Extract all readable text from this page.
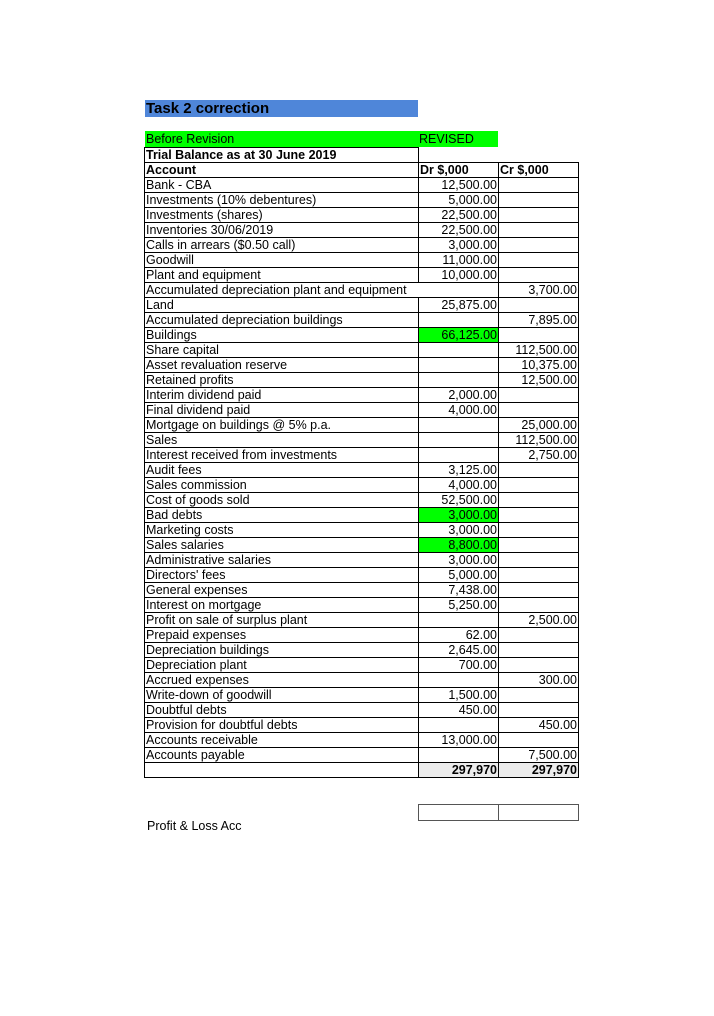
Task 2 correction
Before Revision	REVISED
Trial Balance as at 30 June 2019		
Account	Dr $,000	Cr $,000
Bank - CBA	12,500.00	
Investments (10% debentures)	5,000.00	
Investments (shares)	22,500.00	
Inventories 30/06/2019	22,500.00	
Calls in arrears ($0.50 call)	3,000.00	
Goodwill	11,000.00	
Plant and equipment	10,000.00	
Accumulated depreciation plant and equipment		3,700.00
Land	25,875.00	
Accumulated depreciation buildings		7,895.00
Buildings	66,125.00	
Share capital		112,500.00
Asset revaluation reserve		10,375.00
Retained profits		12,500.00
Interim dividend paid	2,000.00	
Final dividend paid	4,000.00	
Mortgage on buildings @ 5% p.a.		25,000.00
Sales		112,500.00
Interest received from investments		2,750.00
Audit fees	3,125.00	
Sales commission	4,000.00	
Cost of goods sold	52,500.00	
Bad debts	3,000.00	
Marketing costs	3,000.00	
Sales salaries	8,800.00	
Administrative salaries	3,000.00	
Directors' fees	5,000.00	
General expenses	7,438.00	
Interest on mortgage	5,250.00	
Profit on sale of surplus plant		2,500.00
Prepaid expenses	62.00	
Depreciation buildings	2,645.00	
Depreciation plant	700.00	
Accrued expenses		300.00
Write-down of goodwill	1,500.00	
Doubtful debts	450.00	
Provision for doubtful debts		450.00
Accounts receivable	13,000.00	
Accounts payable		7,500.00
	297,970	297,970

Profit & Loss Acc
